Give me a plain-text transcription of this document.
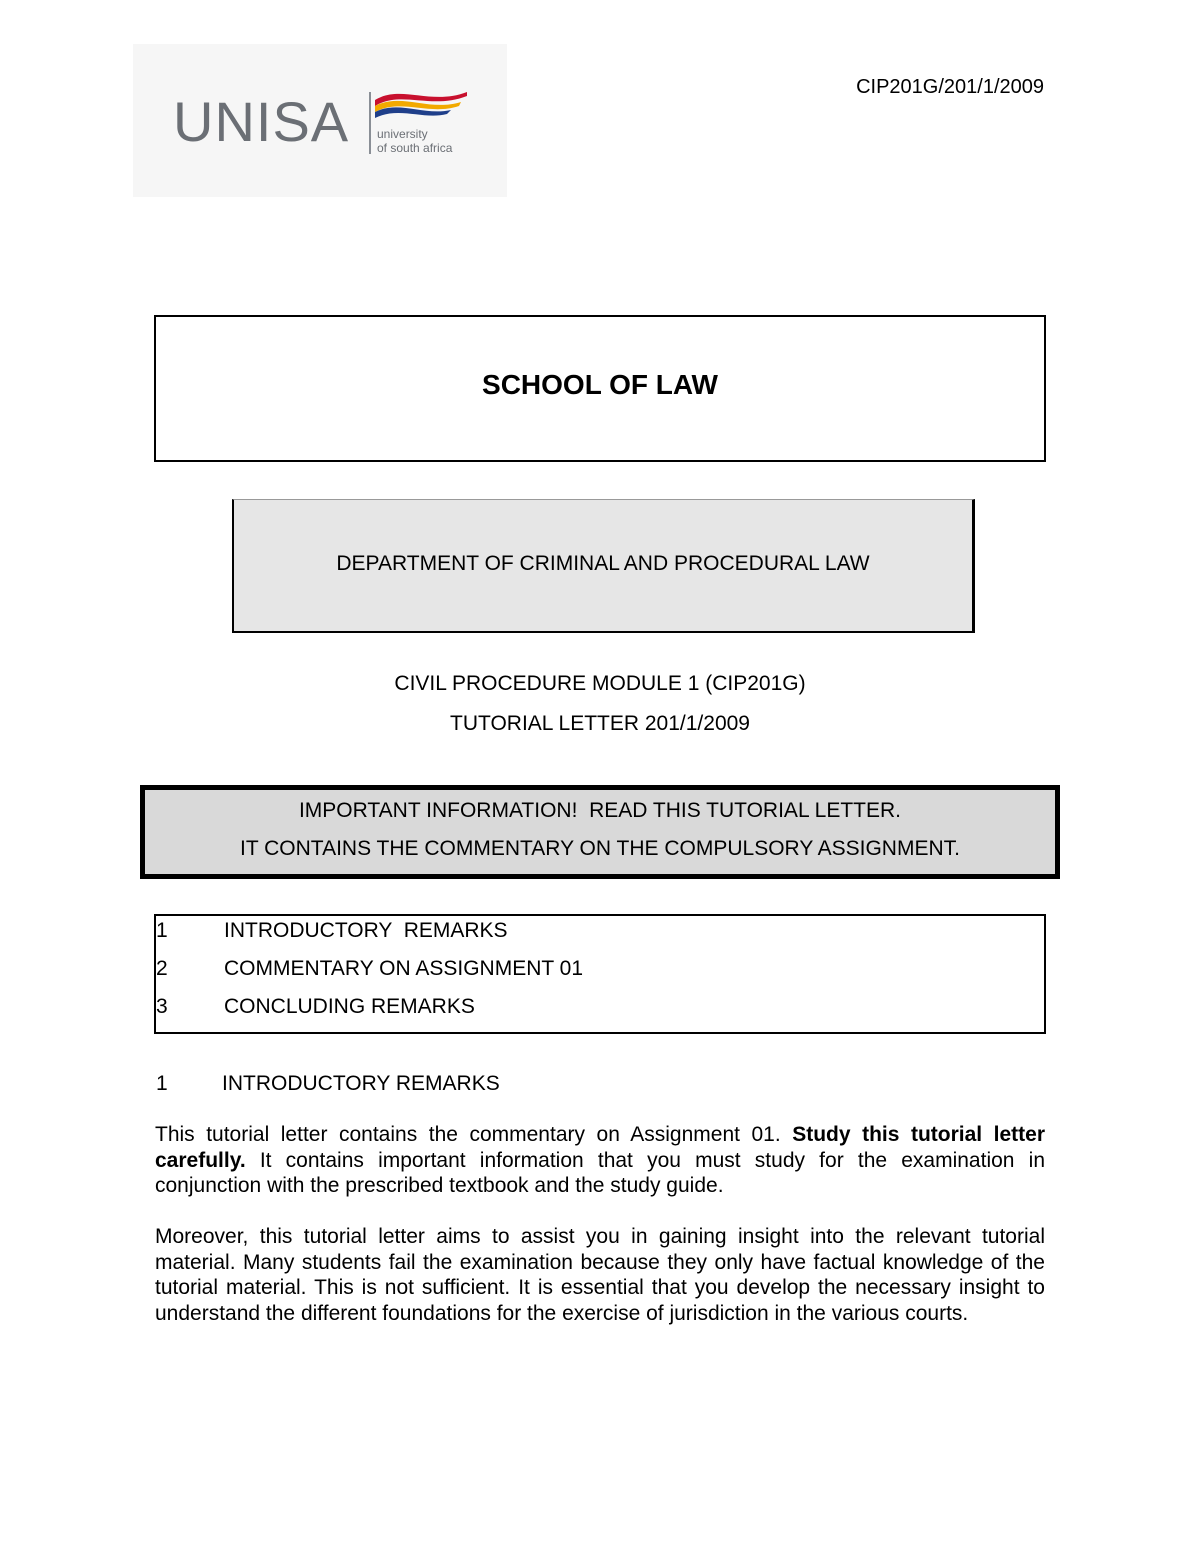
UNISA university
of south africa
CIP201G/201/1/2009
SCHOOL OF LAW
DEPARTMENT OF CRIMINAL AND PROCEDURAL LAW
CIVIL PROCEDURE MODULE 1 (CIP201G)
TUTORIAL LETTER 201/1/2009
IMPORTANT INFORMATION!  READ THIS TUTORIAL LETTER.
IT CONTAINS THE COMMENTARY ON THE COMPULSORY ASSIGNMENT.
1	INTRODUCTORY  REMARKS
2	COMMENTARY ON ASSIGNMENT 01
3	CONCLUDING REMARKS
1	INTRODUCTORY REMARKS
This tutorial letter contains the commentary on Assignment 01. Study this tutorial letter carefully. It contains important information that you must study for the examination in conjunction with the prescribed textbook and the study guide.
Moreover, this tutorial letter aims to assist you in gaining insight into the relevant tutorial material. Many students fail the examination because they only have factual knowledge of the tutorial material. This is not sufficient. It is essential that you develop the necessary insight to understand the different foundations for the exercise of jurisdiction in the various courts.
